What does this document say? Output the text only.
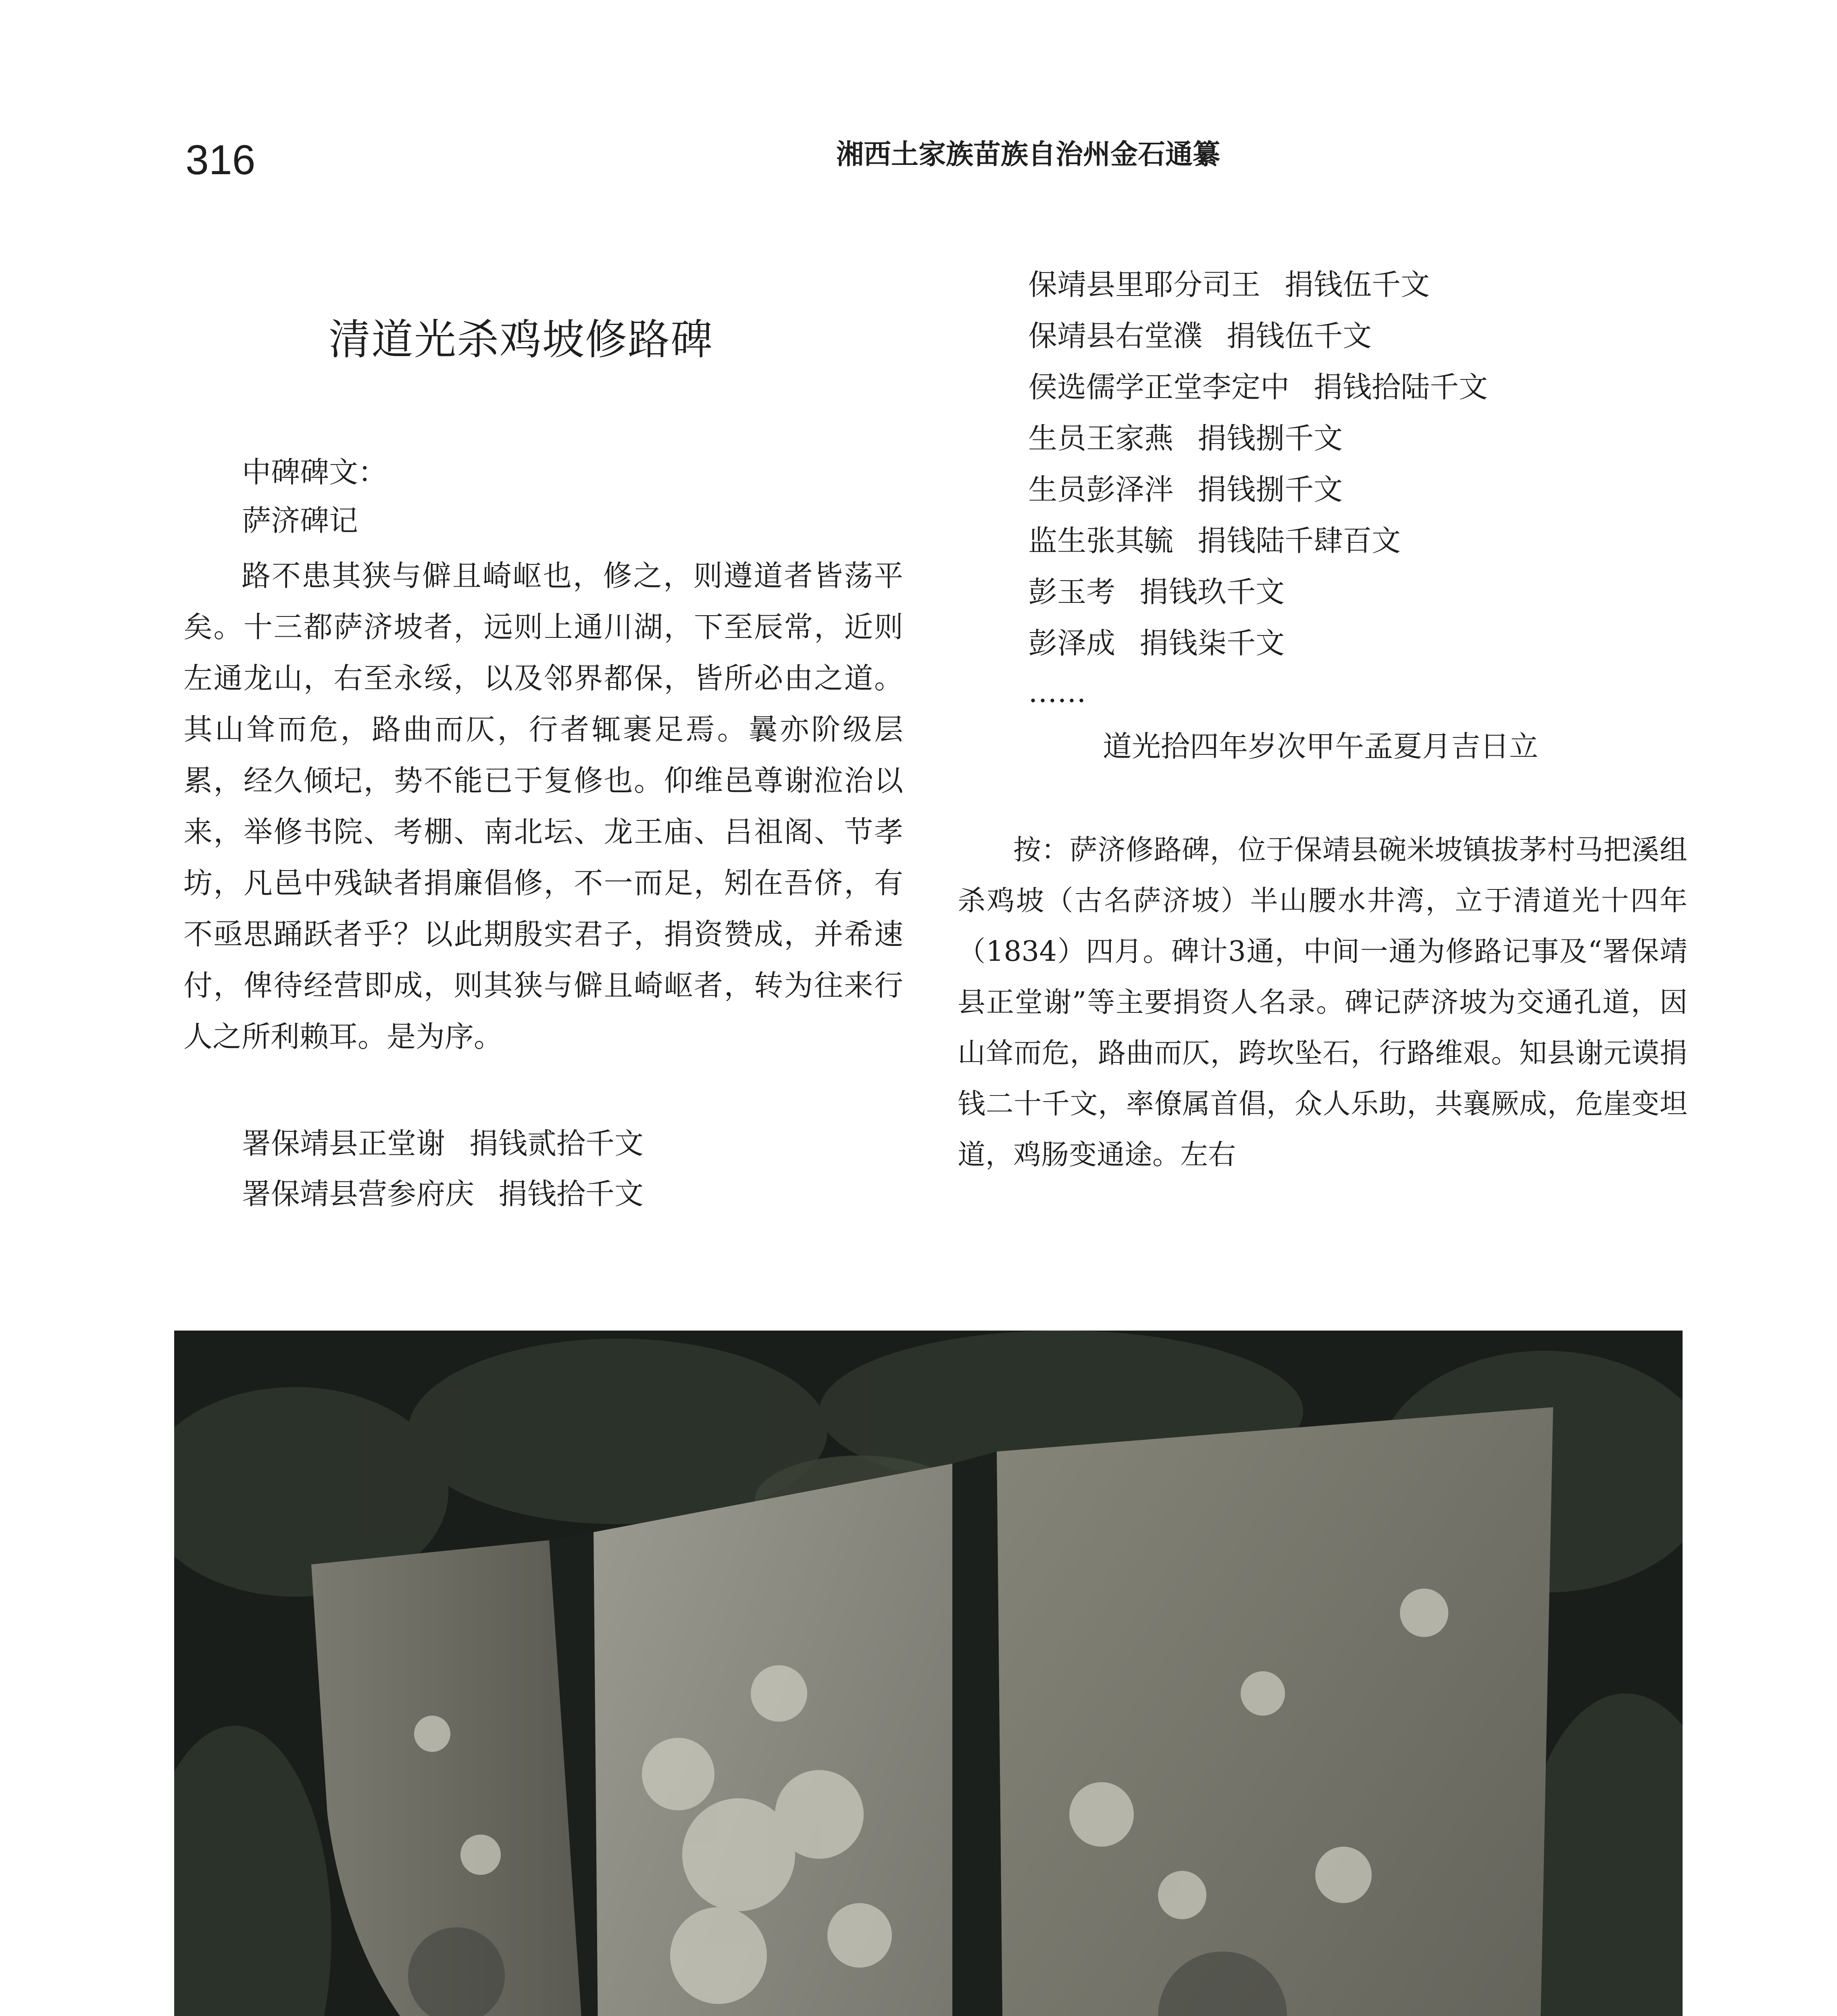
316	湘西土家族苗族自治州金石通纂
清道光杀鸡坡修路碑
中碑碑文：
萨济碑记

路不患其狭与僻且崎岖也，修之，则遵道者皆荡平矣。十三都萨济坡者，远则上通川湖，下至辰常，近则左通龙山，右至永绥，以及邻界都保，皆所必由之道。其山耸而危，路曲而仄，行者辄裹足焉。曩亦阶级层累，经久倾圮，势不能已于复修也。仰维邑尊谢涖治以来，举修书院、考棚、南北坛、龙王庙、吕祖阁、节孝坊，凡邑中残缺者捐廉倡修，不一而足，矧在吾侪，有不亟思踊跃者乎？以此期殷实君子，捐资赞成，并希速付，俾待经营即成，则其狭与僻且崎岖者，转为往来行人之所利赖耳。是为序。

署保靖县正堂谢 捐钱贰拾千文
署保靖县营参府庆 捐钱拾千文
保靖县里耶分司王 捐钱伍千文
保靖县右堂濮 捐钱伍千文
侯选儒学正堂李定中 捐钱拾陆千文
生员王家燕 捐钱捌千文
生员彭泽泮 捐钱捌千文
监生张其毓 捐钱陆千肆百文
彭玉考 捐钱玖千文
彭泽成 捐钱柒千文
……
道光拾四年岁次甲午孟夏月吉日立

按：萨济修路碑，位于保靖县碗米坡镇拔茅村马把溪组杀鸡坡（古名萨济坡）半山腰水井湾，立于清道光十四年（1834）四月。碑计3通，中间一通为修路记事及“署保靖县正堂谢”等主要捐资人名录。碑记萨济坡为交通孔道，因山耸而危，路曲而仄，跨坎坠石，行路维艰。知县谢元谟捐钱二十千文，率僚属首倡，众人乐助，共襄厥成，危崖变坦道，鸡肠变通途。左右
